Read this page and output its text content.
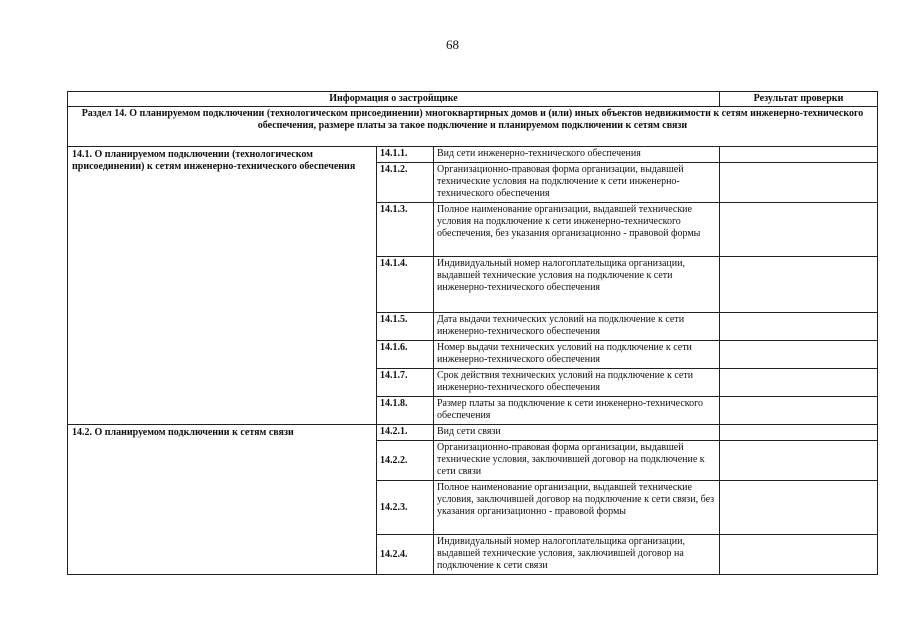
68
Информация о застройщике			Результат проверки
Раздел 14. О планируемом подключении (технологическом присоединении) многоквартирных домов и (или) иных объектов недвижимости к сетям инженерно-технического обеспечения, размере платы за такое подключение и планируемом подключении к сетям связи			
14.1. О планируемом подключении (технологическом присоединении) к сетям инженерно-технического обеспечения	14.1.1.	Вид сети инженерно-технического обеспечения	
	14.1.2.	Организационно-правовая форма организации, выдавшей технические условия на подключение к сети инженерно-технического обеспечения	
	14.1.3.	Полное наименование организации, выдавшей технические условия на подключение к сети инженерно-технического обеспечения, без указания организационно - правовой формы	
	14.1.4.	Индивидуальный номер налогоплательщика организации, выдавшей технические условия на подключение к сети инженерно-технического обеспечения	
	14.1.5.	Дата выдачи технических условий на подключение к сети инженерно-технического обеспечения	
	14.1.6.	Номер выдачи технических условий на подключение к сети инженерно-технического обеспечения	
	14.1.7.	Срок действия технических условий на подключение к сети инженерно-технического обеспечения	
	14.1.8.	Размер платы за подключение к сети инженерно-технического обеспечения	
14.2. О планируемом подключении к сетям связи	14.2.1.	Вид сети связи	
	14.2.2.	Организационно-правовая форма организации, выдавшей технические условия, заключившей договор на подключение к сети связи	
	14.2.3.	Полное наименование организации, выдавшей технические условия, заключившей договор на подключение к сети связи, без указания организационно - правовой формы	
	14.2.4.	Индивидуальный номер налогоплательщика организации, выдавшей технические условия, заключившей договор на подключение к сети связи	
